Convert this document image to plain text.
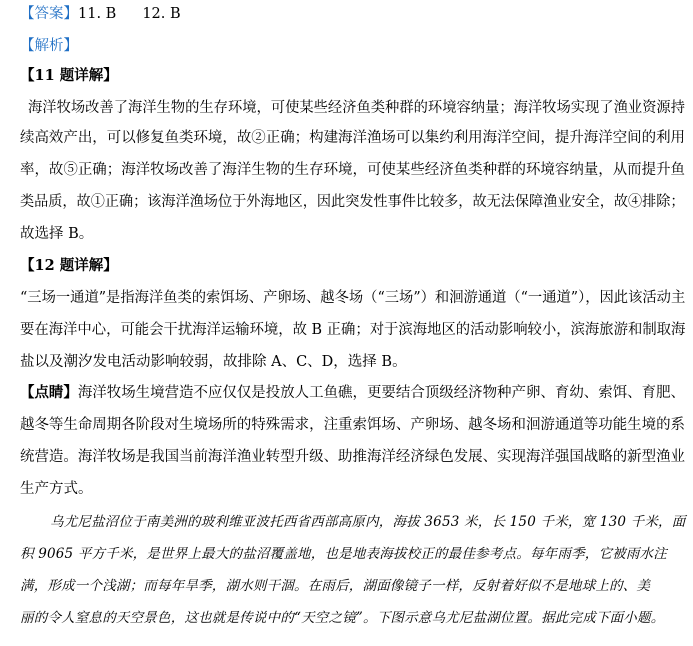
【答案】11. B 12. B
【解析】
【11 题详解】
海洋牧场改善了海洋生物的生存环境，可使某些经济鱼类种群的环境容纳量；海洋牧场实现了渔业资源持
续高效产出，可以修复鱼类环境，故②正确；构建海洋渔场可以集约利用海洋空间，提升海洋空间的利用
率，故⑤正确；海洋牧场改善了海洋生物的生存环境，可使某些经济鱼类种群的环境容纳量，从而提升鱼
类品质，故①正确；该海洋渔场位于外海地区，因此突发性事件比较多，故无法保障渔业安全，故④排除；
故选择 B。
【12 题详解】
“三场一通道”是指海洋鱼类的索饵场、产卵场、越冬场（“三场”）和洄游通道（“一通道”），因此该活动主
要在海洋中心，可能会干扰海洋运输环境，故 B 正确；对于滨海地区的活动影响较小，滨海旅游和制取海
盐以及潮汐发电活动影响较弱，故排除 A、C、D，选择 B。
【点睛】海洋牧场生境营造不应仅仅是投放人工鱼礁，更要结合顶级经济物种产卵、育幼、索饵、育肥、
越冬等生命周期各阶段对生境场所的特殊需求，注重索饵场、产卵场、越冬场和洄游通道等功能生境的系
统营造。海洋牧场是我国当前海洋渔业转型升级、助推海洋经济绿色发展、实现海洋强国战略的新型渔业
生产方式。
乌尤尼盐沼位于南美洲的玻利维亚波托西省西部高原内，海拔 3653 米，长 150 千米，宽 130 千米，面
积 9065 平方千米，是世界上最大的盐沼覆盖地，也是地表海拔校正的最佳参考点。每年雨季，它被雨水注
满，形成一个浅湖；而每年旱季，湖水则干涸。在雨后，湖面像镜子一样，反射着好似不是地球上的、美
丽的令人窒息的天空景色，这也就是传说中的“天空之镜”。下图示意乌尤尼盐湖位置。据此完成下面小题。
